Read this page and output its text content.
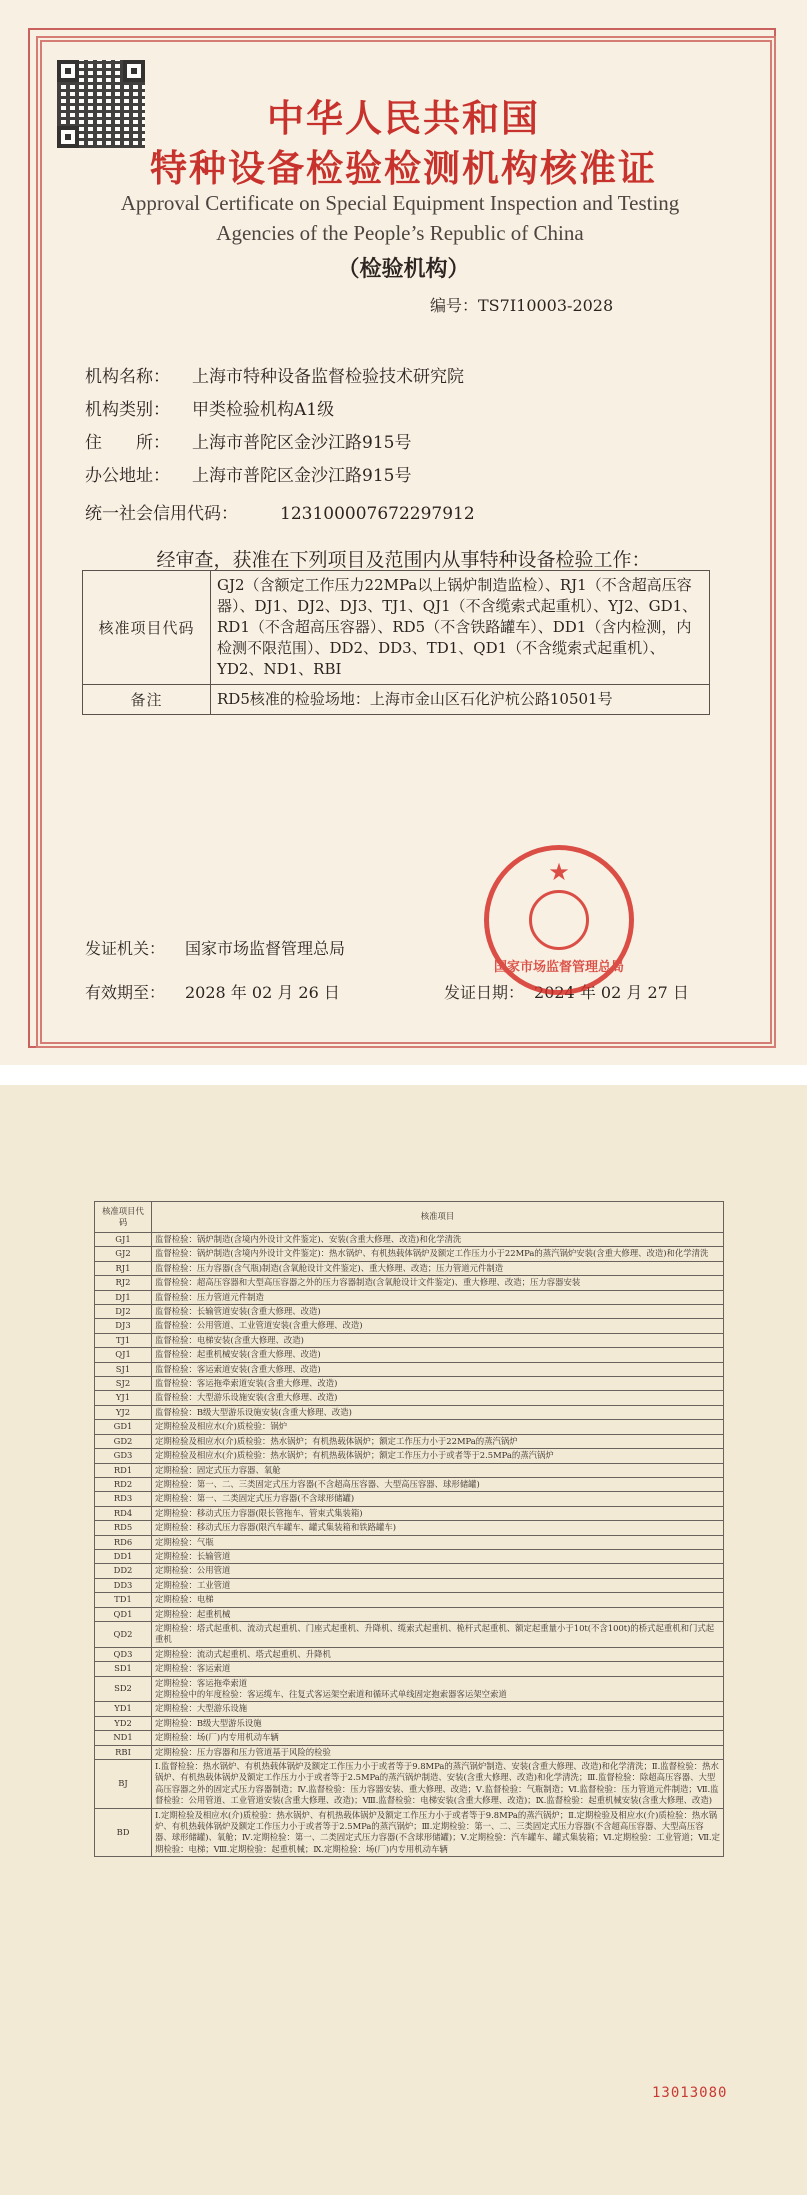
中华人民共和国
特种设备检验检测机构核准证
Approval Certificate on Special Equipment Inspection and Testing Agencies of the People’s Republic of China
（检验机构）
编号：TS7I10003-2028
机构名称： 上海市特种设备监督检验技术研究院
机构类别： 甲类检验机构A1级
住　　所： 上海市普陀区金沙江路915号
办公地址： 上海市普陀区金沙江路915号
统一社会信用代码： 12310000767229791​2
经审查，获准在下列项目及范围内从事特种设备检验工作：
核准项目代码	GJ2（含额定工作压力22MPa以上锅炉制造监检）、RJ1（不含超高压容器）、DJ1、DJ2、DJ3、TJ1、QJ1（不含缆索式起重机）、YJ2、GD1、RD1（不含超高压容器）、RD5（不含铁路罐车）、DD1（含内检测，内检测不限范围）、DD2、DD3、TD1、QD1（不含缆索式起重机）、YD2、ND1、RBI
备注	RD5核准的检验场地：上海市金山区石化沪杭公路10501号
发证机关： 国家市场监督管理总局
有效期至： 2028 年 02 月 26 日	发证日期： 2024 年 02 月 27 日
★
国家市场监督管理总局
核准项目代码	核准项目
GJ1	监督检验：锅炉制造(含境内外设计文件鉴定)、安装(含重大修理、改造)和化学清洗
GJ2	监督检验：锅炉制造(含境内外设计文件鉴定)：热水锅炉、有机热载体锅炉及额定工作压力小于22MPa的蒸汽锅炉安装(含重大修理、改造)和化学清洗
RJ1	监督检验：压力容器(含气瓶)制造(含氧舱设计文件鉴定)、重大修理、改造；压力管道元件制造
RJ2	监督检验：超高压容器和大型高压容器之外的压力容器制造(含氧舱设计文件鉴定)、重大修理、改造；压力容器安装
DJ1	监督检验：压力管道元件制造
DJ2	监督检验：长输管道安装(含重大修理、改造)
DJ3	监督检验：公用管道、工业管道安装(含重大修理、改造)
TJ1	监督检验：电梯安装(含重大修理、改造)
QJ1	监督检验：起重机械安装(含重大修理、改造)
SJ1	监督检验：客运索道安装(含重大修理、改造)
SJ2	监督检验：客运拖牵索道安装(含重大修理、改造)
YJ1	监督检验：大型游乐设施安装(含重大修理、改造)
YJ2	监督检验：B级大型游乐设施安装(含重大修理、改造)
GD1	定期检验及相应水(介)质检验：锅炉
GD2	定期检验及相应水(介)质检验：热水锅炉；有机热载体锅炉；额定工作压力小于22MPa的蒸汽锅炉
GD3	定期检验及相应水(介)质检验：热水锅炉；有机热载体锅炉；额定工作压力小于或者等于2.5MPa的蒸汽锅炉
RD1	定期检验：固定式压力容器、氧舱
RD2	定期检验：第一、二、三类固定式压力容器(不含超高压容器、大型高压容器、球形储罐)
RD3	定期检验：第一、二类固定式压力容器(不含球形储罐)
RD4	定期检验：移动式压力容器(限长管拖车、管束式集装箱)
RD5	定期检验：移动式压力容器(限汽车罐车、罐式集装箱和铁路罐车)
RD6	定期检验：气瓶
DD1	定期检验：长输管道
DD2	定期检验：公用管道
DD3	定期检验：工业管道
TD1	定期检验：电梯
QD1	定期检验：起重机械
QD2	定期检验：塔式起重机、流动式起重机、门座式起重机、升降机、缆索式起重机、桅杆式起重机、额定起重量小于10t(不含100t)的桥式起重机和门式起重机
QD3	定期检验：流动式起重机、塔式起重机、升降机
SD1	定期检验：客运索道
SD2	定期检验：客运拖牵索道
定期检验中的年度检验：客运缆车、往复式客运架空索道和循环式单线固定抱索器客运架空索道
YD1	定期检验：大型游乐设施
YD2	定期检验：B级大型游乐设施
ND1	定期检验：场(厂)内专用机动车辆
RBI	定期检验：压力容器和压力管道基于风险的检验
BJ	Ⅰ.监督检验：热水锅炉、有机热载体锅炉及额定工作压力小于或者等于9.8MPa的蒸汽锅炉制造、安装(含重大修理、改造)和化学清洗；Ⅱ.监督检验：热水锅炉、有机热载体锅炉及额定工作压力小于或者等于2.5MPa的蒸汽锅炉制造、安装(含重大修理、改造)和化学清洗；Ⅲ.监督检验：除超高压容器、大型高压容器之外的固定式压力容器制造；Ⅳ.监督检验：压力容器安装、重大修理、改造；Ⅴ.监督检验：气瓶制造；Ⅵ.监督检验：压力管道元件制造；Ⅶ.监督检验：公用管道、工业管道安装(含重大修理、改造)；Ⅷ.监督检验：电梯安装(含重大修理、改造)；Ⅸ.监督检验：起重机械安装(含重大修理、改造)
BD	Ⅰ.定期检验及相应水(介)质检验：热水锅炉、有机热载体锅炉及额定工作压力小于或者等于9.8MPa的蒸汽锅炉；Ⅱ.定期检验及相应水(介)质检验：热水锅炉、有机热载体锅炉及额定工作压力小于或者等于2.5MPa的蒸汽锅炉；Ⅲ.定期检验：第一、二、三类固定式压力容器(不含超高压容器、大型高压容器、球形储罐)、氧舱；Ⅳ.定期检验：第一、二类固定式压力容器(不含球形储罐)；Ⅴ.定期检验：汽车罐车、罐式集装箱；Ⅵ.定期检验：工业管道；Ⅶ.定期检验：电梯；Ⅷ.定期检验：起重机械；Ⅸ.定期检验：场(厂)内专用机动车辆
13013080
